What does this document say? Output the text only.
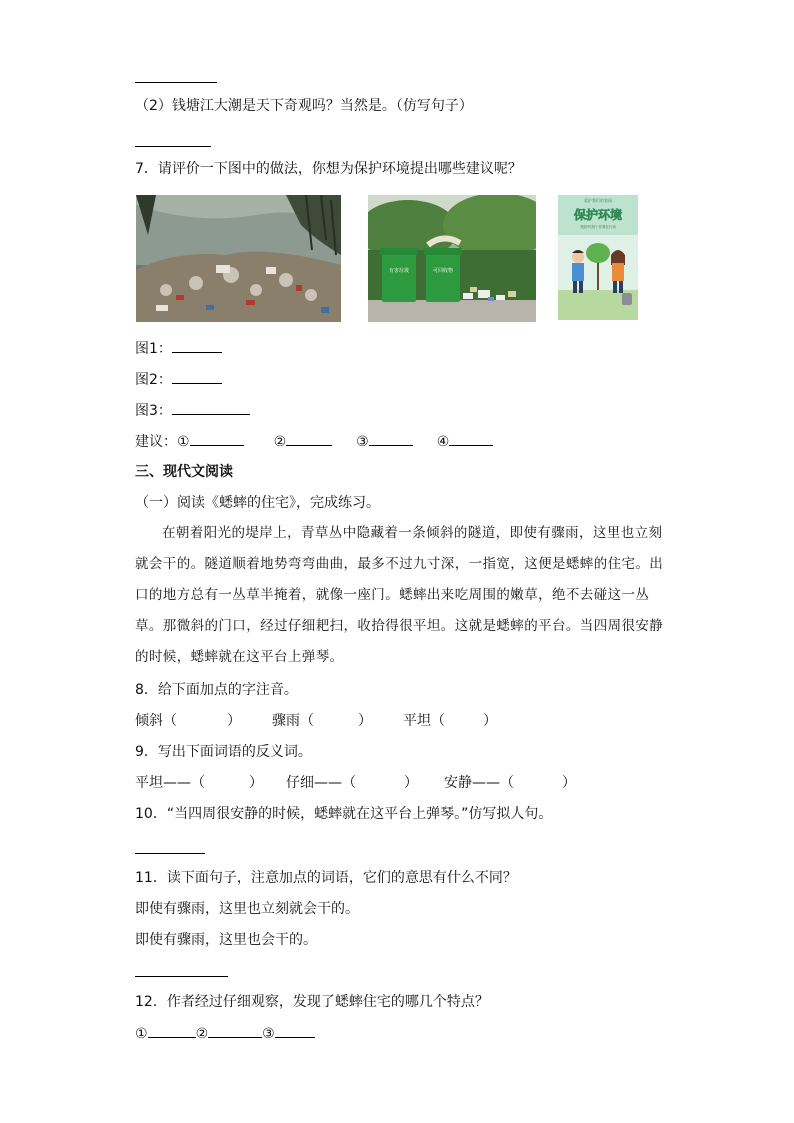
（2）钱塘江大潮是天下奇观吗？当然是。（仿写句子）
7．请评价一下图中的做法，你想为保护环境提出哪些建议呢？
有害垃圾	可回收物
爱护我们的家园
保护环境
美丽中国行·你我在行动
图1：
图2：
图3：
建议：①	②	③	④
三、现代文阅读
（一）阅读《蟋蟀的住宅》，完成练习。
在朝着阳光的堤岸上，青草丛中隐藏着一条倾斜的隧道，即使有骤雨，这里也立刻就会干的。隧道顺着地势弯弯曲曲，最多不过九寸深，一指宽，这便是蟋蟀的住宅。出口的地方总有一丛草半掩着，就像一座门。蟋蟀出来吃周围的嫩草，绝不去碰这一丛草。那微斜的门口，经过仔细耙扫，收拾得很平坦。这就是蟋蟀的平台。当四周很安静的时候，蟋蟀就在这平台上弹琴。
8．给下面加点的字注音。
倾斜（	） 骤雨（	） 平坦（	）
9．写出下面词语的反义词。
平坦——（	） 仔细——（	） 安静——（	）
10．“当四周很安静的时候，蟋蟀就在这平台上弹琴。”仿写拟人句。
11．读下面句子，注意加点的词语，它们的意思有什么不同？
即使有骤雨，这里也立刻就会干的。
即使有骤雨，这里也会干的。
12．作者经过仔细观察，发现了蟋蟀住宅的哪几个特点？
①	②	③
